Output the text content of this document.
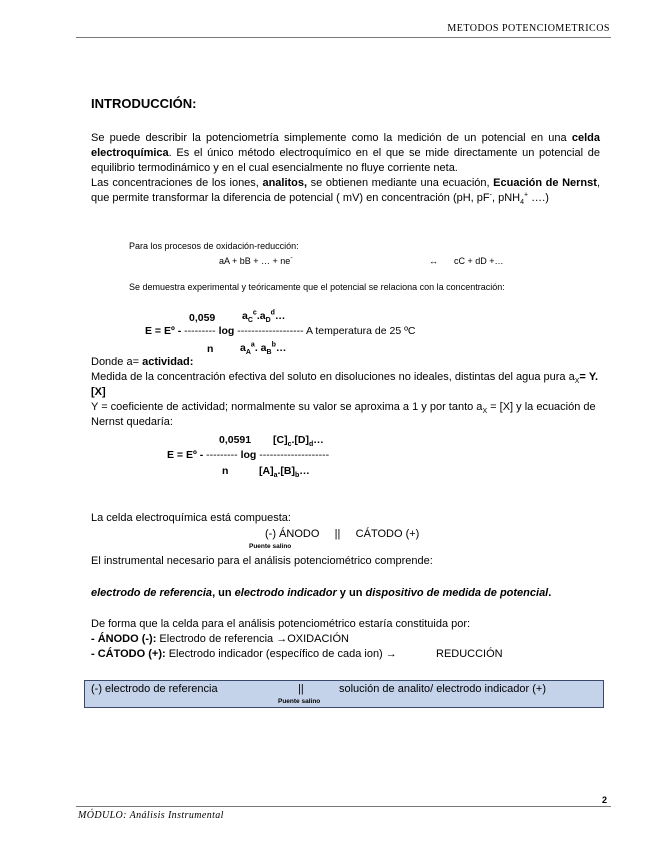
METODOS POTENCIOMETRICOS
INTRODUCCIÓN:

Se puede describir la potenciometría simplemente como la medición de un potencial en una celda electroquímica. Es el único método electroquímico en el que se mide directamente un potencial de equilibrio termodinámico y en el cual esencialmente no fluye corriente neta.

Las concentraciones de los iones, analitos, se obtienen mediante una ecuación, Ecuación de Nernst, que permite transformar la diferencia de potencial ( mV) en concentración (pH, pF-, pNH$_4$+ ….)

Para los procesos de oxidación-reducción:
aA + bB + … + ne-	↔ cC + dD +…
Se demuestra experimental y teóricamente que el potencial se relaciona con la concentración:
0,059	$a_C^c.a_D^d\dots$
E = Eº - --------- log ------------------- A temperatura de 25 ºC
n	$a_A^a$. $a_B^b\dots$

Donde a= actividad:

Medida de la concentración efectiva del soluto en disoluciones no ideales, distintas del agua pura $a_X= \Upsilon$. [X]

Υ = coeficiente de actividad; normalmente su valor se aproxima a 1 y por tanto $a_X = [X]$ y la ecuación de Nernst quedaría:

0,0591 $[C]_c.[D]_d\dots$
E = Eº - --------- log --------------------
n	$[A]_a.[B]_b\dots$
La celda electroquímica está compuesta:
(-) ÁNODO     ||     CÁTODO (+)
Puente salino
El instrumental necesario para el análisis potenciométrico comprende:
electrodo de referencia, un electrodo indicador y un dispositivo de medida de potencial.
De forma que la celda para el análisis potenciométrico estaría constituida por:
- ÁNODO (-): Electrodo de referencia →OXIDACIÓN
- CÁTODO (+): Electrodo indicador (específico de cada ion) →	REDUCCIÓN
(-) electrodo de referencia	||	solución de analito/ electrodo indicador (+)
Puente salino
2
MÓDULO: Análisis Instrumental
